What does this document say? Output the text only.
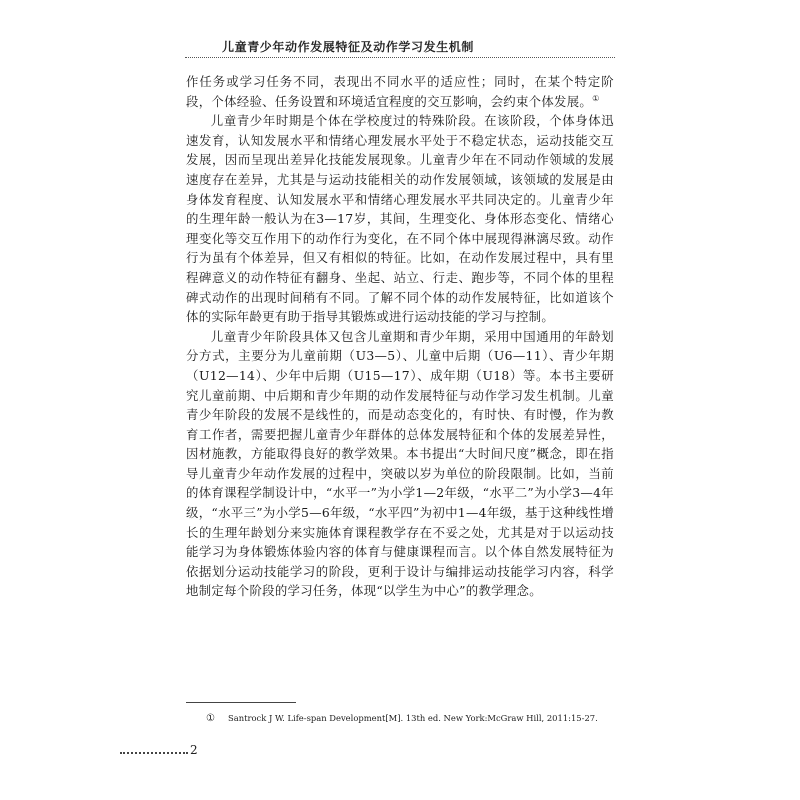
儿童青少年动作发展特征及动作学习发生机制

作任务或学习任务不同，表现出不同水平的适应性；同时，在某个特定阶段，个体经验、任务设置和环境适宜程度的交互影响，会约束个体发展。①

儿童青少年时期是个体在学校度过的特殊阶段。在该阶段，个体身体迅速发育，认知发展水平和情绪心理发展水平处于不稳定状态，运动技能交互发展，因而呈现出差异化技能发展现象。儿童青少年在不同动作领域的发展速度存在差异，尤其是与运动技能相关的动作发展领域，该领域的发展是由身体发育程度、认知发展水平和情绪心理发展水平共同决定的。儿童青少年的生理年龄一般认为在3—17岁，其间，生理变化、身体形态变化、情绪心理变化等交互作用下的动作行为变化，在不同个体中展现得淋漓尽致。动作行为虽有个体差异，但又有相似的特征。比如，在动作发展过程中，具有里程碑意义的动作特征有翻身、坐起、站立、行走、跑步等，不同个体的里程碑式动作的出现时间稍有不同。了解不同个体的动作发展特征，比如道该个体的实际年龄更有助于指导其锻炼或进行运动技能的学习与控制。

儿童青少年阶段具体又包含儿童期和青少年期，采用中国通用的年龄划分方式，主要分为儿童前期（U3—5）、儿童中后期（U6—11）、青少年期（U12—14）、少年中后期（U15—17）、成年期（U18）等。本书主要研究儿童前期、中后期和青少年期的动作发展特征与动作学习发生机制。儿童青少年阶段的发展不是线性的，而是动态变化的，有时快、有时慢，作为教育工作者，需要把握儿童青少年群体的总体发展特征和个体的发展差异性，因材施教，方能取得良好的教学效果。本书提出“大时间尺度”概念，即在指导儿童青少年动作发展的过程中，突破以岁为单位的阶段限制。比如，当前的体育课程学制设计中，“水平一”为小学1—2年级，“水平二”为小学3—4年级，“水平三”为小学5—6年级，“水平四”为初中1—4年级，基于这种线性增长的生理年龄划分来实施体育课程教学存在不妥之处，尤其是对于以运动技能学习为身体锻炼体验内容的体育与健康课程而言。以个体自然发展特征为依据划分运动技能学习的阶段，更利于设计与编排运动技能学习内容，科学地制定每个阶段的学习任务，体现“以学生为中心”的教学理念。

① Santrock J W. Life-span Development[M]. 13th ed. New York:McGraw Hill, 2011:15-27.
2
